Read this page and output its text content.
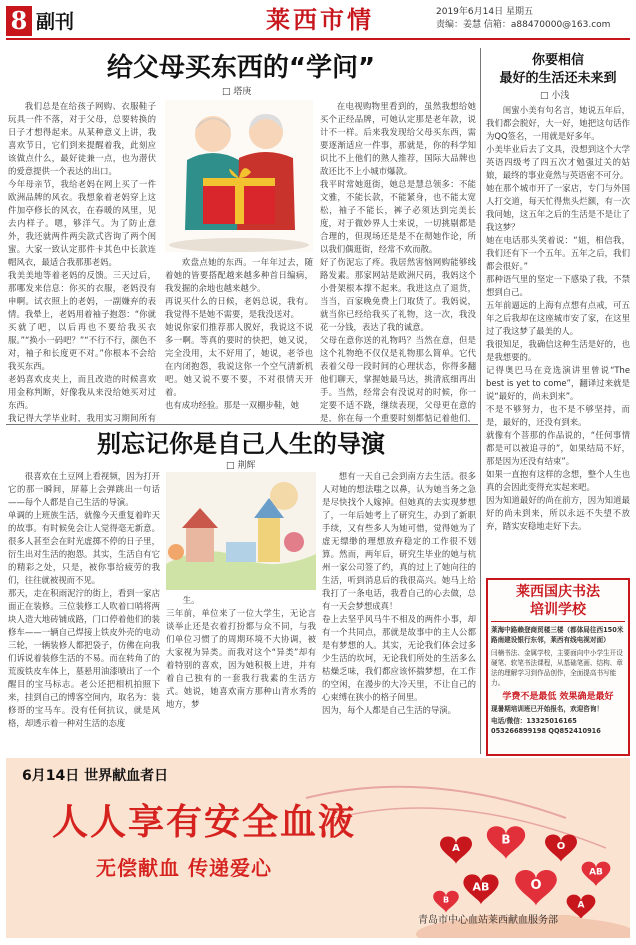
8 副刊	莱西市情	2019年6月14日 星期五
责编：姜慧 信箱：a88470000@163.com
给父母买东西的“学问”
□ 塔庚

我们总是在给孩子网购、衣服鞋子玩具一件不落，对于父母，总要转换的日子才想得起来。从某种意义上讲，我喜欢节日，它们到来提醒着我，此刻应该做点什么，最好徒兼一点，也为潜伏的爱意提供一个表达的出口。
今年母亲节，我给老妈在网上买了一件欧洲品牌的风衣。我想象着老妈穿上这件加亭修长的风衣，在春暖的风里，见去内样子。嗯，够洋气。为了防止意外，我还就两件两尖款式咨询了两个闺蜜。大家一致认定那件卡其色中长款连帽风衣，最适合我那那老妈。
我美美地等着老妈的反馈。三天过后，那哪发来信息：你买的衣服，老妈没有申啊。试衣照上的老妈，一副嫌弃的表情。我晕上，老妈用着袖子抱怨：“你就买就了吧，以后再也不要给我买衣服。”“换小一码吧？”“不行不行，颜色不对，袖子和长度更不对。”你根本不会给我买东西。
老妈喜欢皮夹上，而且改造的时候喜欢用金称判断，好像我从来没给她买对过东西。
我记得大学毕业时，我用实习期间所有

欢盘点她的东西。一年年过去，随着她的皆要搭配越来越多种首日编病，我发掘的余地也越来越少。
再说买什么的日候，老妈总说，我有。我觉得不是她不需要，是我没送对。
她说你家们推荐那人脱好，我说这不说多一啊。等真的要时的快把，她又说，完全没用，太不好用了，她说，老爷也在内闭抱怨，我说这你一个空气清新机吧。她又说不要不要，不对很情天开着。
也有成功经验。那是一双棚步鞋，她

在电视购物里看到的，虽然我想给她买个正经品牌，可她认定那是老年款，说计不一样。后来我发现给父母买东西，需要逐渐适应一件事，那就是，你的科学知识比不上他们的熟人推荐，国际大品牌也敌还比不上小城市爆款。
我平时常她逛街，她总是慧总领多：不能文雅，不能长款，不能紧身，也不能太宽松，袖子不能长，裤子必须达到完美长度，对于微妙界人士来说，一切挑剔都是合理的，但现场还是是不在彻她作论，所以我们偶逛街，经常不欢而散。
好了伤泥忘了疼。我居然害恼网购能够线路发素。那家网站是欧洲尺码，我妈这个小骨架根本撑不起来。我进这点了退货，当当，百家晚免费上门取货了。我妈说，就当你已经给我买了礼物，这一次，我没花一分钱，表达了我的诚意。
父母在意你送的礼物吗？当然在意，但是这个礼物绝不仅仅是礼物那么简单。它代表着父母一段时间的心理状态，你得多翻他们聊天，掌握她最马达，挑清底细再出手。当然，经常会有没说对的时候，你一定要不适不跷，继续表现，父母更在意的是，你在每一个重要时刻都惦记着他们，

你要相信
最好的生活还未来到
□ 小浅

闺蜜小美有句名言，她说五年后，我们都会脱好，大一好，她把这句话作为QQ签名，一用就是好多年。
小美毕业后去了文具，没想到这个大学英语四级考了四五次才勉强过关的姑娘，最终的事业竟然与英语密不可分。
她在那个城市开了一家店，专门与外国人打交道，每天忙得焦头烂额，有一次我问她，这五年之后的生活是不是让了我这梦？
她在电话那头笑着说：“姐，相信我，我们还有下一个五年。五年之后，我们都会很好。”
那种语气里的坚定一下感染了我，不禁想到自己。
五年前逼远的上海有点想有点戒，可五年之后我却在这座城市安了家，在这里过了我这梦了最美的人。
我很知足，我确信这种生活是好的，也是我想要的。
记得奥巴马在竞选演讲里曾说“The best is yet to come”，翻译过来就是说“最好的，尚未到来”。
不是不够努力，也不是不够坚持，而是，最好的，还没有到来。
就像有个菩那的作品说的，“任何事情都是可以被追寻的”，如果结局不好，那是因为还没有结束”。
如果一直抱有这样的念想，整个人生也真的会因此变得充实起来吧。
因为知道最好的尚在前方，因为知道最好的尚未到来，所以永远不失望不放弃，踏实安稳地走好下去。

别忘记你是自己人生的导演
□ 荆辉

很喜欢在土豆网上看视频，因为打开它的那一瞬间，屏幕上会弹跳出一句话——每个人都是自己生活的导演。
单调的上班族生活，就像今天重复着昨天的故事。有时候免会让人觉得毫无新意。很多人甚至会在时光虚掷不停的日子里，衍生出对生活的抱怨。其实，生活自有它的精彩之处，只是，被你事给疲劳的我们，往往就被视而不见。
那天，走在积雨泥泞的街上，看到一家店面正在装修。三位装修工人吹着口哨将两块人造大地砖铺成路，门口停着他们的装修车——一辆自己焊接上铁皮外壳的电动三轮，一辆装修人都把袋子，仿佛在向我们诉说着装修生活的不易。而在转角了的荒废铁皮车体上，墓悬用油漆喷出了一个醒目的宝马标志。老公还把相机拍照下来，挂到自己的博客空间内，取名为：装修哥的宝马车。没有任何抗议，就是风格，却透示着一种对生活的态度

生。
三年前，单位来了一位大学生，无论言谈举止还是衣着打扮都与众不同，与我们单位习惯了的周期环境不大协调，被大家视为异类。而我对这个“异类”却有着特别的喜欢，因为她积极上进，并有着自己独有的一套我行我素的生活方式。她说，她喜欢南方那种山青水秀的地方，梦

想有一天自己会到南方去生活。很多人对她的想法嗤之以鼻，认为她当务之急是尽快找个人嫁掉。但她真的去实现梦想了，一年后她考上了研究生，办到了新职手续，又有些多人为她可惜，觉得她为了虚无缥缈的理想放弃稳定的工作很不划算。然而，两年后，研究生毕业的她与杭州一家公司签了约，真的过上了她向往的生活，听到消息后的我很高兴。她马上给我打了一条电话，我看自己的心去做，总有一天会梦想成真！
卷上去坚乎风马牛不相及的两件小事，却有一个共同点，那就是故事中的主人公都是有梦想的人。其实，无论我们体会过多少生活的坎坷，无论我们所处的生活多么枯燥乏味，我们都应该怀揣梦想，在工作的空闲，在漫步的大冷天里，不让自己的心束缚在狭小的格子间里。
因为，每个人都是自己生活的导演。

莱西国庆书法
培训学校
莱海中路赖登商贸楼三楼（都体局往西150米路南建设银行东邻，莱西有线电视对面）
闫楠书法、金属学校，主要面向中小学生开设硬笔、软笔书法课程，从基础笔画、结构、章法的理解学习到作品创作，全面提高书写能力。
学费不是最低 效果确是最好
现暑期培训班已开始报名，欢迎咨询！
电话/微信：13325016165
053266899198 QQ852410916
6月14日 世界献血者日
人人享有安全血液
无偿献血 传递爱心
A
B	O
AB
AB	O
A
B
青岛市中心血站莱西献血服务部
